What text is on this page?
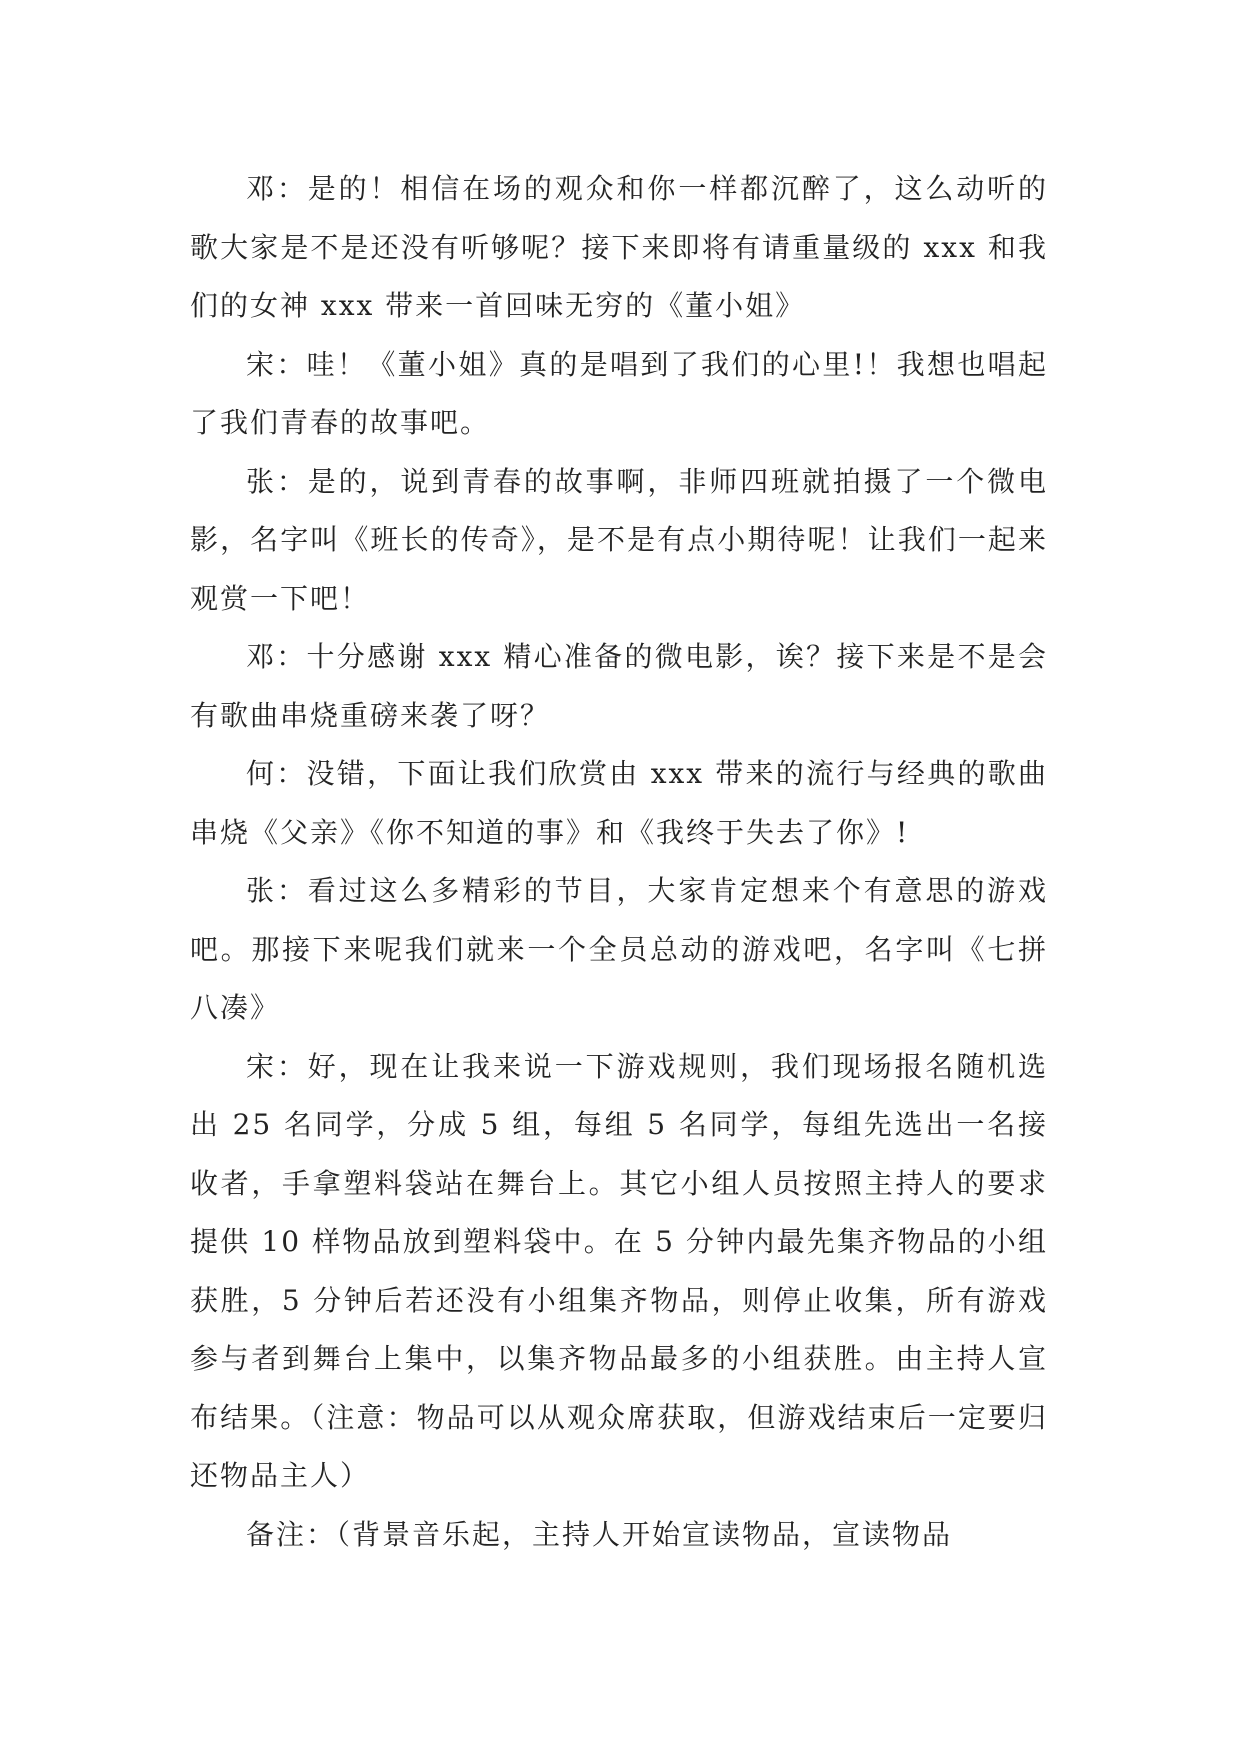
邓：是的！相信在场的观众和你一样都沉醉了，这么动听的歌大家是不是还没有听够呢？接下来即将有请重量级的 xxx 和我们的女神 xxx 带来一首回味无穷的《董小姐》

宋：哇！《董小姐》真的是唱到了我们的心里!！我想也唱起了我们青春的故事吧。

张：是的，说到青春的故事啊，非师四班就拍摄了一个微电影，名字叫《班长的传奇》，是不是有点小期待呢！让我们一起来观赏一下吧！

邓：十分感谢 xxx 精心准备的微电影，诶？接下来是不是会有歌曲串烧重磅来袭了呀？

何：没错，下面让我们欣赏由 xxx 带来的流行与经典的歌曲串烧《父亲》《你不知道的事》和《我终于失去了你》!

张：看过这么多精彩的节目，大家肯定想来个有意思的游戏吧。那接下来呢我们就来一个全员总动的游戏吧，名字叫《七拼八凑》

宋：好，现在让我来说一下游戏规则，我们现场报名随机选出 25 名同学，分成 5 组，每组 5 名同学，每组先选出一名接收者，手拿塑料袋站在舞台上。其它小组人员按照主持人的要求提供 10 样物品放到塑料袋中。在 5 分钟内最先集齐物品的小组获胜，5 分钟后若还没有小组集齐物品，则停止收集，所有游戏参与者到舞台上集中，以集齐物品最多的小组获胜。由主持人宣布结果。（注意：物品可以从观众席获取，但游戏结束后一定要归还物品主人）

备注：（背景音乐起，主持人开始宣读物品，宣读物品
